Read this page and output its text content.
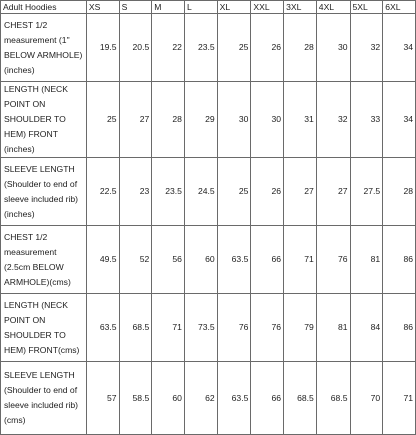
Adult Hoodies	XS	S	M	L	XL	XXL	3XL	4XL	5XL	6XL
CHEST 1/2 measurement (1" BELOW ARMHOLE) (inches)	19.5	20.5	22	23.5	25	26	28	30	32	34
LENGTH (NECK POINT ON SHOULDER TO HEM) FRONT (inches)	25	27	28	29	30	30	31	32	33	34
SLEEVE LENGTH (Shoulder to end of sleeve included rib) (inches)	22.5	23	23.5	24.5	25	26	27	27	27.5	28
CHEST 1/2 measurement (2.5cm BELOW ARMHOLE)(cms)	49.5	52	56	60	63.5	66	71	76	81	86
LENGTH (NECK POINT ON SHOULDER TO HEM) FRONT(cms)	63.5	68.5	71	73.5	76	76	79	81	84	86
SLEEVE LENGTH (Shoulder to end of sleeve included rib) (cms)	57	58.5	60	62	63.5	66	68.5	68.5	70	71
